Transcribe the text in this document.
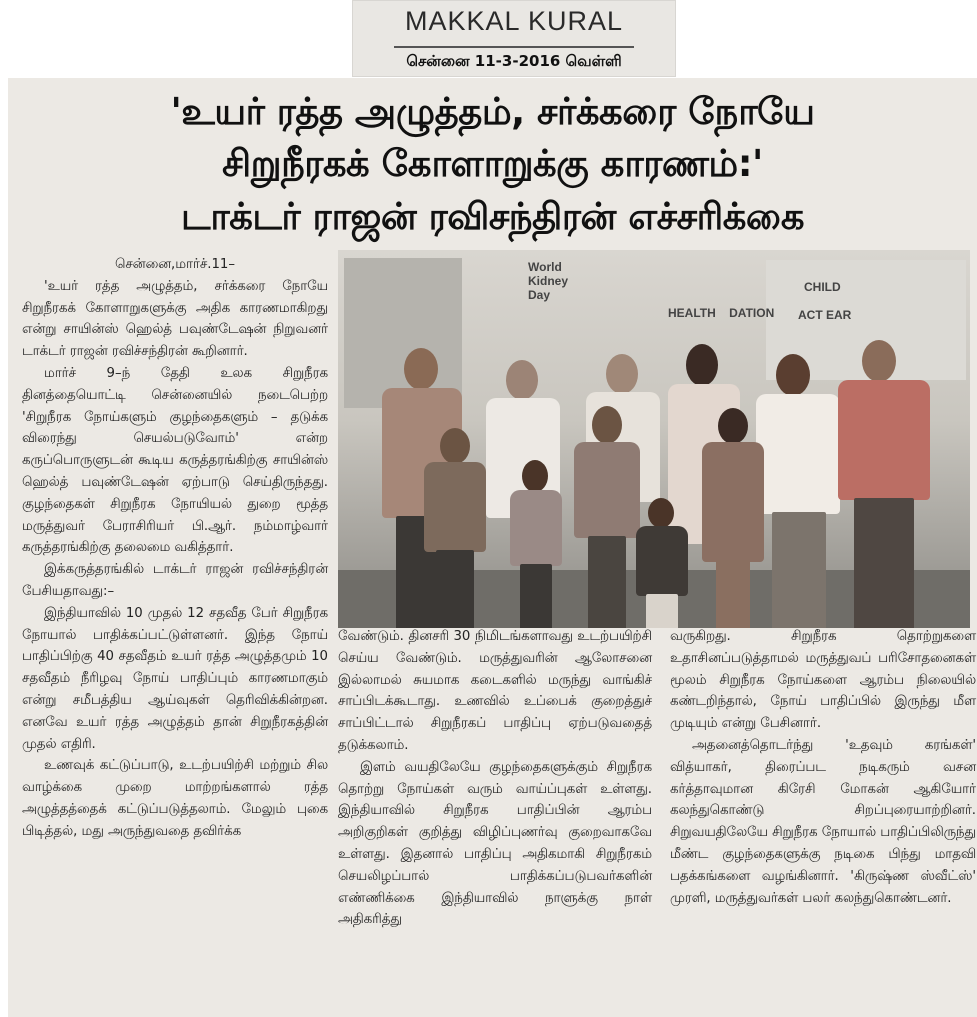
MAKKAL KURAL
சென்னை 11-3-2016 வெள்ளி
'உயர் ரத்த அழுத்தம், சர்க்கரை நோயே
சிறுநீரகக் கோளாறுக்கு காரணம்:'
டாக்டர் ராஜன் ரவிசந்திரன் எச்சரிக்கை

சென்னை,மார்ச்.11–

'உயர் ரத்த அழுத்தம், சர்க்கரை நோயே சிறுநீரகக் கோளாறுகளுக்கு அதிக காரணமாகிறது என்று சாயின்ஸ் ஹெல்த் பவுண்டேஷன் நிறுவனர் டாக்டர் ராஜன் ரவிச்சந்திரன் கூறினார்.

மார்ச் 9–ந் தேதி உலக சிறுநீரக தினத்தையொட்டி சென்னையில் நடைபெற்ற 'சிறுநீரக நோய்களும் குழந்தைகளும் – தடுக்க விரைந்து செயல்படுவோம்' என்ற கருப்பொருளுடன் கூடிய கருத்தரங்கிற்கு சாயின்ஸ் ஹெல்த் பவுண்டேஷன் ஏற்பாடு செய்திருந்தது. குழந்தைகள் சிறுநீரக நோயியல் துறை மூத்த மருத்துவர் பேராசிரியர் பி.ஆர். நம்மாழ்வார் கருத்தரங்கிற்கு தலைமை வகித்தார்.

இக்கருத்தரங்கில் டாக்டர் ராஜன் ரவிச்சந்திரன் பேசியதாவது:–

இந்தியாவில் 10 முதல் 12 சதவீத பேர் சிறுநீரக நோயால் பாதிக்கப்பட்டுள்ளனர். இந்த நோய் பாதிப்பிற்கு 40 சதவீதம் உயர் ரத்த அழுத்தமும் 10 சதவீதம் நீரிழவு நோய் பாதிப்பும் காரணமாகும் என்று சமீபத்திய ஆய்வுகள் தெரிவிக்கின்றன. எனவே உயர் ரத்த அழுத்தம் தான் சிறுநீரகத்தின் முதல் எதிரி.

உணவுக் கட்டுப்பாடு, உடற்பயிற்சி மற்றும் சில வாழ்க்கை முறை மாற்றங்களால் ரத்த அழுத்தத்தைக் கட்டுப்படுத்தலாம். மேலும் புகை பிடித்தல், மது அருந்துவதை தவிர்க்க

World
Kidney
Day
HEALTH DATION
CHILD
ACT EAR

வேண்டும். தினசரி 30 நிமிடங்களாவது உடற்பயிற்சி செய்ய வேண்டும். மருத்துவரின் ஆலோசனை இல்லாமல் சுயமாக கடைகளில் மருந்து வாங்கிச் சாப்பிடக்கூடாது. உணவில் உப்பைக் குறைத்துச் சாப்பிட்டால் சிறுநீரகப் பாதிப்பு ஏற்படுவதைத் தடுக்கலாம்.

இளம் வயதிலேயே குழந்தைகளுக்கும் சிறுநீரக தொற்று நோய்கள் வரும் வாய்ப்புகள் உள்ளது. இந்தியாவில் சிறுநீரக பாதிப்பின் ஆரம்ப அறிகுறிகள் குறித்து விழிப்புணர்வு குறைவாகவே உள்ளது. இதனால் பாதிப்பு அதிகமாகி சிறுநீரகம் செயலிழப்பால் பாதிக்கப்படுபவர்களின் எண்ணிக்கை இந்தியாவில் நாளுக்கு நாள் அதிகரித்து

வருகிறது. சிறுநீரக தொற்றுகளை உதாசினப்படுத்தாமல் மருத்துவப் பரிசோதனைகள் மூலம் சிறுநீரக நோய்களை ஆரம்ப நிலையில் கண்டறிந்தால், நோய் பாதிப்பில் இருந்து மீள முடியும் என்று பேசினார்.

அதனைத்தொடர்ந்து 'உதவும் கரங்கள்' வித்யாகர், திரைப்பட நடிகரும் வசன கர்த்தாவுமான கிரேசி மோகன் ஆகியோர் கலந்துகொண்டு சிறப்புரையாற்றினர். சிறுவயதிலேயே சிறுநீரக நோயால் பாதிப்பிலிருந்து மீண்ட குழந்தைகளுக்கு நடிகை பிந்து மாதவி பதக்கங்களை வழங்கினார். 'கிருஷ்ண ஸ்வீட்ஸ்' முரளி, மருத்துவர்கள் பலர் கலந்துகொண்டனர்.
